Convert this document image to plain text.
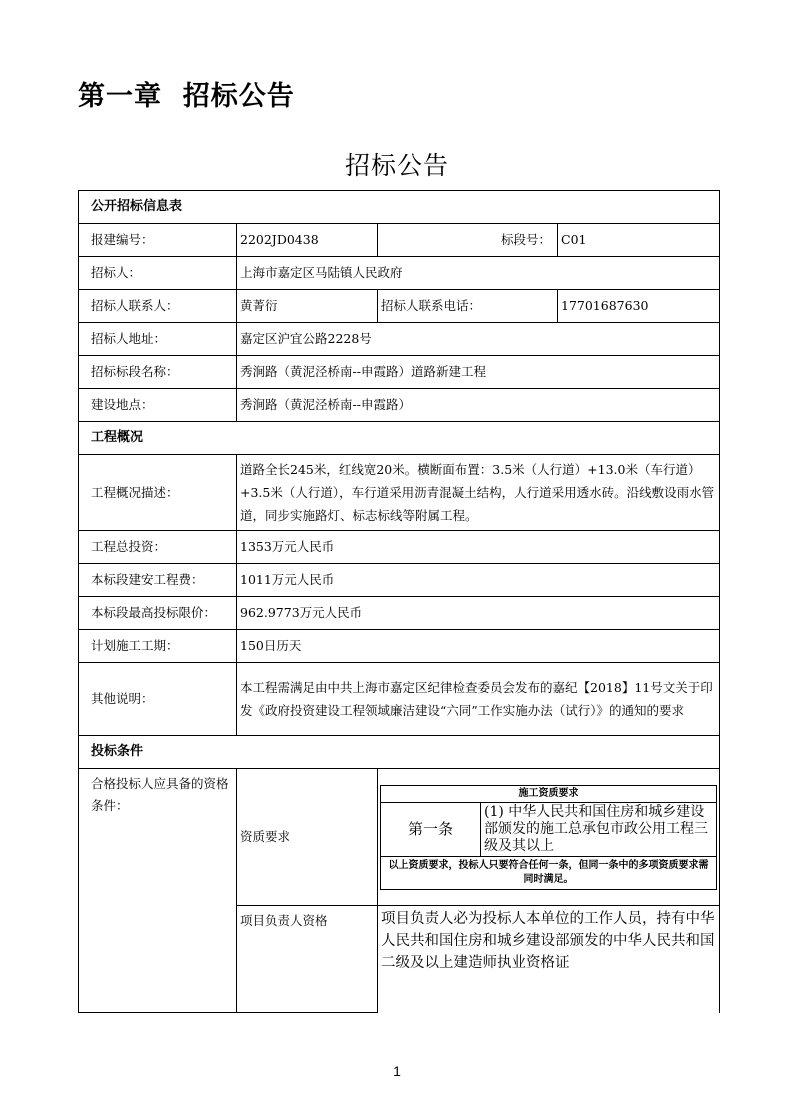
第一章  招标公告
招标公告
公开招标信息表
报建编号：	2202JD0438	标段号：	C01
招标人：	上海市嘉定区马陆镇人民政府
招标人联系人：	黄菁衍	招标人联系电话：	17701687630
招标人地址：	嘉定区沪宜公路2228号
招标标段名称：	秀涧路（黄泥泾桥南--申霞路）道路新建工程
建设地点：	秀涧路（黄泥泾桥南--申霞路）
工程概况
工程概况描述：	道路全长245米，红线宽20米。横断面布置：3.5米（人行道）+13.0米（车行道）+3.5米（人行道），车行道采用沥青混凝土结构，人行道采用透水砖。沿线敷设雨水管道，同步实施路灯、标志标线等附属工程。
工程总投资：	1353万元人民币
本标段建安工程费：	1011万元人民币
本标段最高投标限价：	962.9773万元人民币
计划施工工期：	150日历天
其他说明：	本工程需满足由中共上海市嘉定区纪律检查委员会发布的嘉纪【2018】11号文关于印发《政府投资建设工程领域廉洁建设“六同”工作实施办法（试行）》的通知的要求
投标条件
合格投标人应具备的资格条件：	资质要求	
施工资质要求
第一条	(1) 中华人民共和国住房和城乡建设部颁发的施工总承包市政公用工程三级及其以上
以上资质要求，投标人只要符合任何一条，但同一条中的多项资质要求需同时满足。

项目负责人资格	项目负责人必为投标人本单位的工作人员，持有中华人民共和国住房和城乡建设部颁发的中华人民共和国二级及以上建造师执业资格证
1
